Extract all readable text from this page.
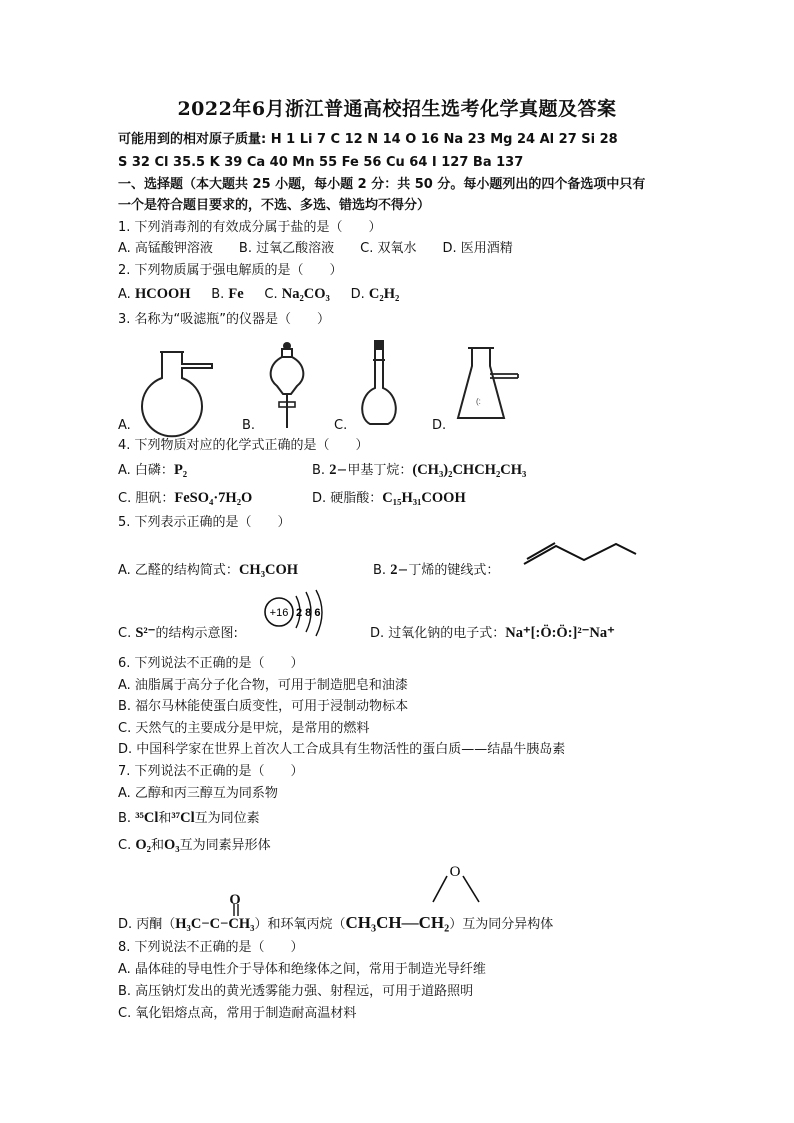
2022年6月浙江普通高校招生选考化学真题及答案
可能用到的相对原子质量: H 1 Li 7 C 12 N 14 O 16 Na 23 Mg 24 Al 27 Si 28
S 32 Cl 35.5 K 39 Ca 40 Mn 55 Fe 56 Cu 64 I 127 Ba 137
一、选择题（本大题共 25 小题，每小题 2 分：共 50 分。每小题列出的四个备选项中只有
一个是符合题目要求的，不选、多选、错选均不得分）
1. 下列消毒剂的有效成分属于盐的是（　　）
A. 高锰酸钾溶液　　B. 过氧乙酸溶液　　C. 双氧水　　D. 医用酒精
2. 下列物质属于强电解质的是（　　）
A. HCOOH B. Fe C. Na₂CO₃ D. C₂H₂
3. 名称为“吸滤瓶”的仪器是（　　）
(:
A.	B.	C.	D.
4. 下列物质对应的化学式正确的是（　　）
A. 白磷：P₂	B. 2−甲基丁烷：(CH₃)₂CHCH₂CH₃
C. 胆矾：FeSO₄·7H₂O	D. 硬脂酸：C₁₅H₃₁COOH
5. 下列表示正确的是（　　）
A. 乙醛的结构简式：CH₃COH	B. 2−丁烯的键线式：
C. S²⁻的结构示意图:
+16 2 8 6
D. 过氧化钠的电子式：Na⁺[:Ö:Ö:]²⁻Na⁺
6. 下列说法不正确的是（　　）
A. 油脂属于高分子化合物，可用于制造肥皂和油漆
B. 福尔马林能使蛋白质变性，可用于浸制动物标本
C. 天然气的主要成分是甲烷，是常用的燃料
D. 中国科学家在世界上首次人工合成具有生物活性的蛋白质——结晶牛胰岛素
7. 下列说法不正确的是（　　）
A. 乙醇和丙三醇互为同系物
B. ³⁵Cl和³⁷Cl互为同位素
C. O₂和O₃互为同素异形体
O
D. 丙酮（H₃C−C−CH₃）和环氧丙烷（CH₃CH—CH₂）互为同分异构体
O
8. 下列说法不正确的是（　　）
A. 晶体硅的导电性介于导体和绝缘体之间，常用于制造光导纤维
B. 高压钠灯发出的黄光透雾能力强、射程远，可用于道路照明
C. 氧化铝熔点高，常用于制造耐高温材料
